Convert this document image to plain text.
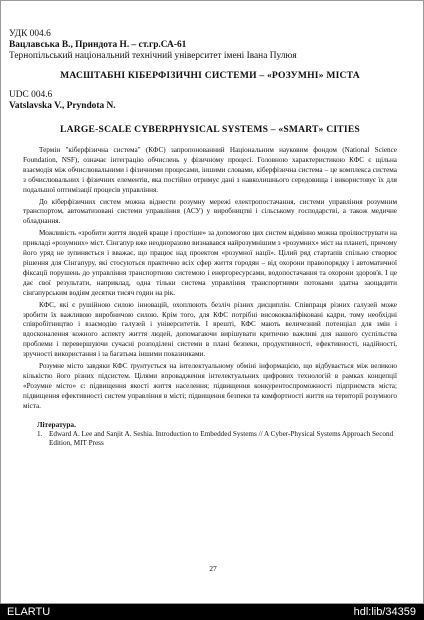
УДК 004.6

Вацлавська В., Приндота Н. – ст.гр.СА-61

Тернопільський національний технічний університет імені Івана Пулюя

МАСШТАБНІ КІБЕРФІЗИЧНІ СИСТЕМИ – «РОЗУМНІ» МІСТА

UDC 004.6

Vatslavska V., Pryndota N.

LARGE-SCALE CYBERPHYSICAL SYSTEMS – «SMART» CITIES

Термін "кіберфізична система" (КФС) запропонованний Національним науковим фондом (National Science Foundation, NSF), означає інтеграцію обчислень у фізичному процесі. Головною характеристикою КФС є щільна взаємодія між обчислювальними і фізичними процесами, іншими словами, кіберфізична система – це комплекса система з обчислювальних і фізичних елементів, яка постійно отримує дані з навколишнього середовища і використовує їх для подальшої оптимізації процесів управління.

До кіберфізичних систем можна віднести розумну мережі електропостачання, системи управління розумним транспортом, автоматизовані системи управління (АСУ) у виробництві і сільському господарстві, а також медичне обладнання.

Можливість «зробити життя людей краще і простіше» за допомогою цих систем відмінно можна проілюструвати на прикладі «розумних» міст. Сінгапур вже неодноразово визнавався найрозумнішим з «розумних» міст на планеті, причому його уряд не зупиняється і вважає, що працює над проектом «розумної нації». Цілий ряд стартапів спільно створює рішення для Сінгапуру, які стосуються практично всіх сфер життя городян – від охорони правопорядку і автоматичної фіксації порушень до управління транспортною системою і енергоресурсами, водопостачання та охорони здоров'я. І це дає свої результати, наприклад, одна тільки система управління транспортними потоками здатна заощадити сінгапурським водіям десятки тисяч годин на рік.

КФС, які є рушійною силою інновацій, охоплюють безліч різних дисциплін. Співпраця різних галузей може зробити їх важливою виробничою силою. Крім того, для КФС потрібні висококваліфіковані кадри, тому необхідні співробітництво і взаємодію галузей і університетів. І врешті, КФС мають величезний потенціал для змін і вдосконалення кожного аспекту життя людей, допомагаючи вирішувати критично важливі для нашого суспільства проблеми і перевершуючи сучасні розподілені системи в плані безпеки, продуктивності, ефективності, надійності, зручності використання і за багатьма іншими показниками.

Розумне місто завдяки КФС ґрунтується на інтелектуальному обміні інформацією, що відбувається між великою кількістю його різних підсистем. Цілями впровадження інтелектуальних цифрових технологій в рамках концепції «Розумне місто» є: підвищення якості життя населення; підвищення конкурентоспроможності підприємств міста; підвищення ефективності систем управління в місті; підвищення безпеки та комфортності життя на території розумного міста.

Література.
1. Edward A. Lee and Sanjit A. Seshia. Introduction to Embedded Systems // A Cyber-Physical Systems Approach Second Edition, MIT Press
27
ELARTU	hdl:lib/34359
